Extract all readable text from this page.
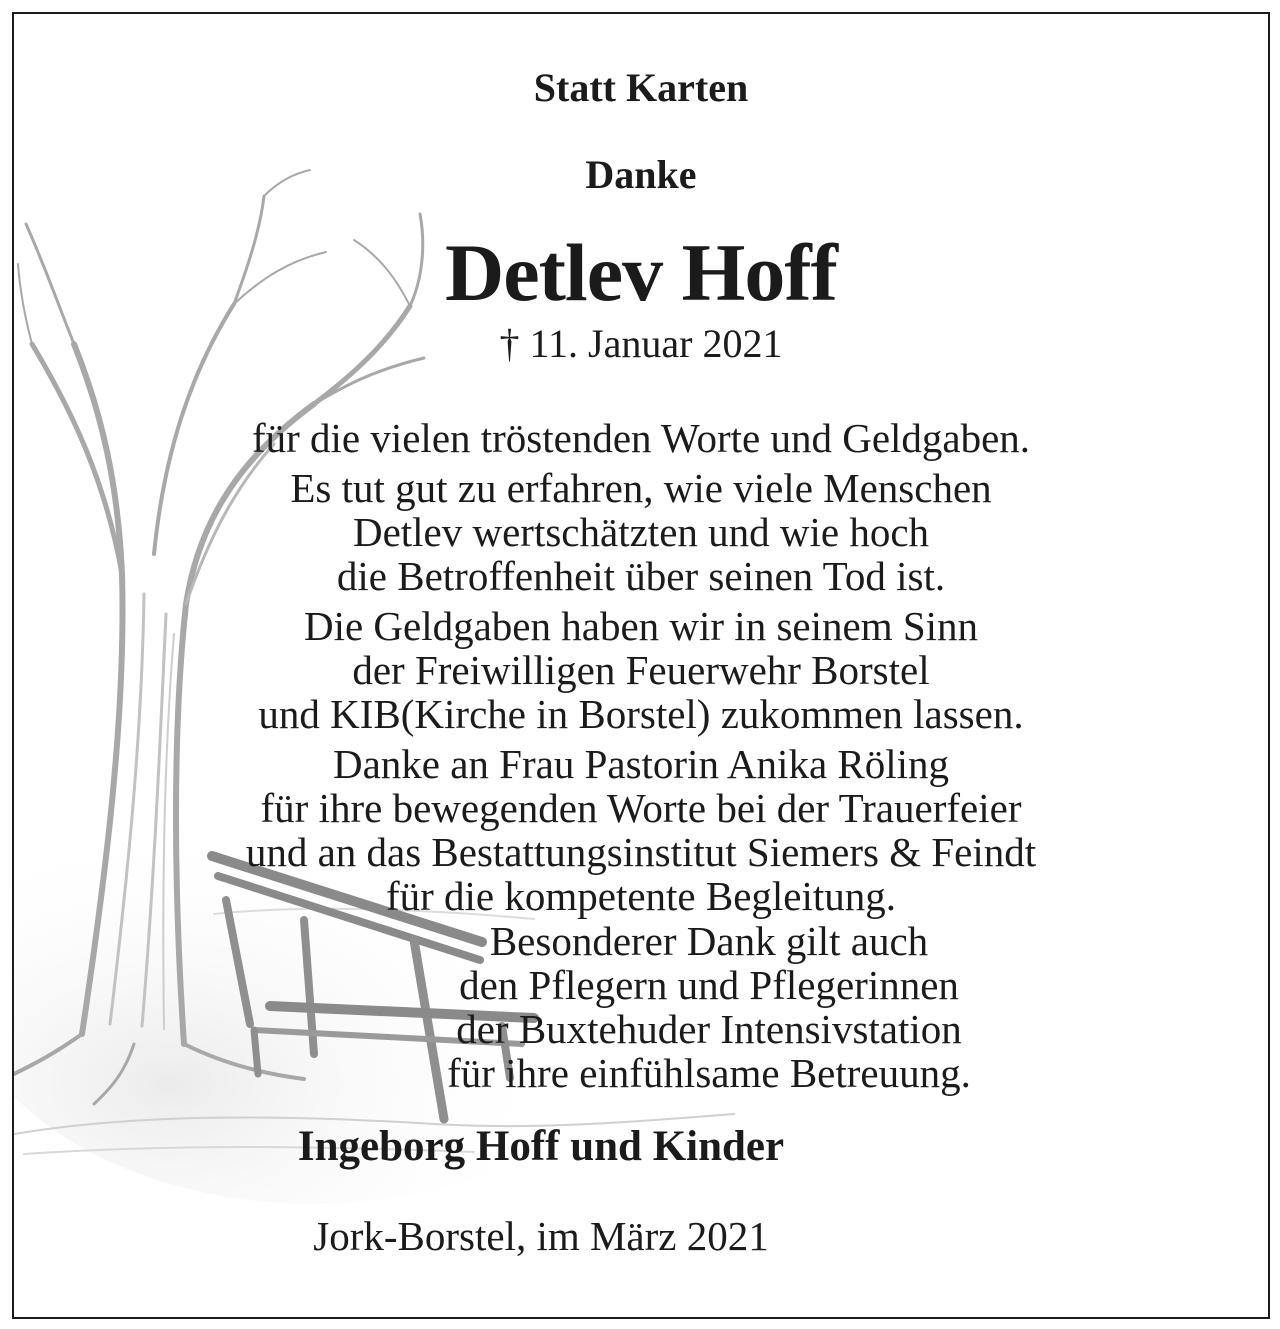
Statt Karten

Danke

Detlev Hoff

† 11. Januar 2021

für die vielen tröstenden Worte und Geldgaben.

Es tut gut zu erfahren, wie viele Menschen

Detlev wertschätzten und wie hoch

die Betroffenheit über seinen Tod ist.

Die Geldgaben haben wir in seinem Sinn

der Freiwilligen Feuerwehr Borstel

und KIB(Kirche in Borstel) zukommen lassen.

Danke an Frau Pastorin Anika Röling

für ihre bewegenden Worte bei der Trauerfeier

und an das Bestattungsinstitut Siemers & Feindt

für die kompetente Begleitung.

Besonderer Dank gilt auch

den Pflegern und Pflegerinnen

der Buxtehuder Intensivstation

für ihre einfühlsame Betreuung.

Ingeborg Hoff und Kinder

Jork-Borstel, im März 2021
